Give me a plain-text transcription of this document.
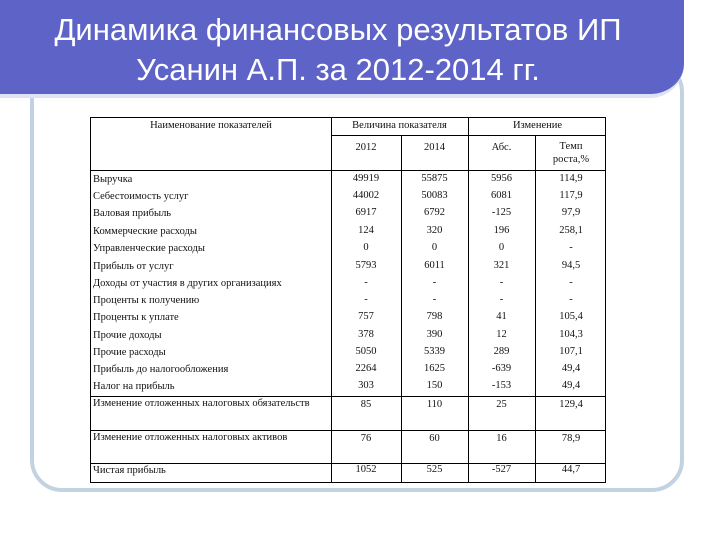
Динамика финансовых результатов ИП
Усанин А.П. за 2012-2014 гг.
Наименование показателей	Величина показателя	Изменение
2012	2014	Абс.	Темп роста,%
Выручка	49919	55875	5956	114,9
Себестоимость услуг	44002	50083	6081	117,9
Валовая прибыль	6917	6792	-125	97,9
Коммерческие расходы	124	320	196	258,1
Управленческие расходы	0	0	0	-
Прибыль от услуг	5793	6011	321	94,5
Доходы от участия в других организациях	-	-	-	-
Проценты к получению	-	-	-	-
Проценты к уплате	757	798	41	105,4
Прочие доходы	378	390	12	104,3
Прочие расходы	5050	5339	289	107,1
Прибыль до налогообложения	2264	1625	-639	49,4
Налог на прибыль	303	150	-153	49,4
Изменение отложенных налоговых обязательств	85	110	25	129,4
Изменение отложенных налоговых активов	76	60	16	78,9
Чистая прибыль	1052	525	-527	44,7
